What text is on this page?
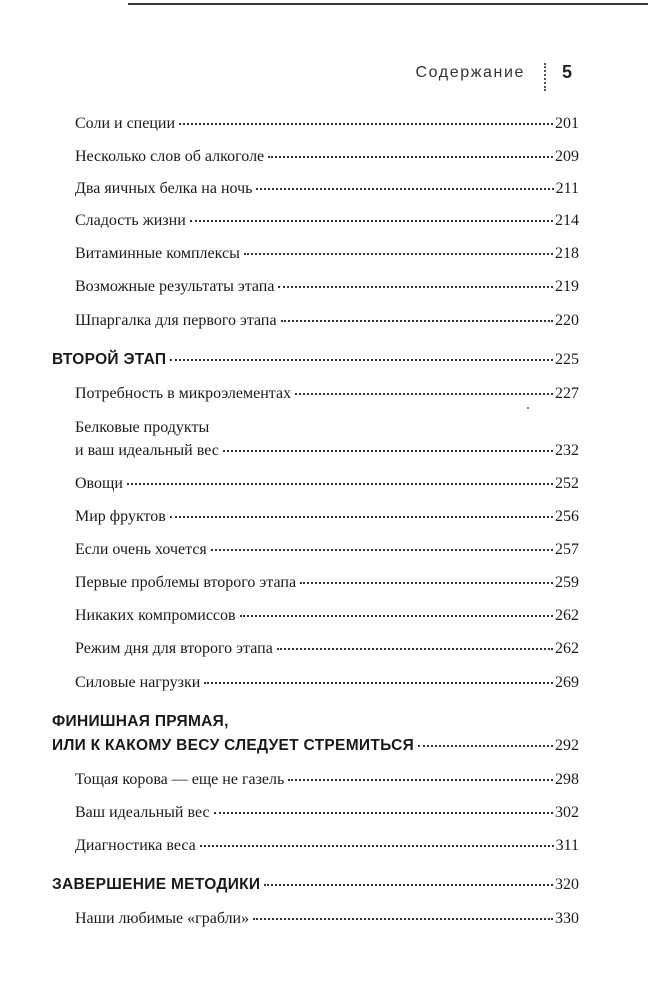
Содержание 5
Соли и специи	201
Несколько слов об алкоголе	209
Два яичных белка на ночь	211
Сладость жизни	214
Витаминные комплексы	218
Возможные результаты этапа	219
Шпаргалка для первого этапа	220
ВТОРОЙ ЭТАП	225
Потребность в микроэлементах	227
Белковые продукты
и ваш идеальный вес	232
Овощи	252
Мир фруктов	256
Если очень хочется	257
Первые проблемы второго этапа	259
Никаких компромиссов	262
Режим дня для второго этапа	262
Силовые нагрузки	269
ФИНИШНАЯ ПРЯМАЯ,
ИЛИ К КАКОМУ ВЕСУ СЛЕДУЕТ СТРЕМИТЬСЯ	292
Тощая корова — еще не газель	298
Ваш идеальный вес	302
Диагностика веса	311
ЗАВЕРШЕНИЕ МЕТОДИКИ	320
Наши любимые «грабли»	330
